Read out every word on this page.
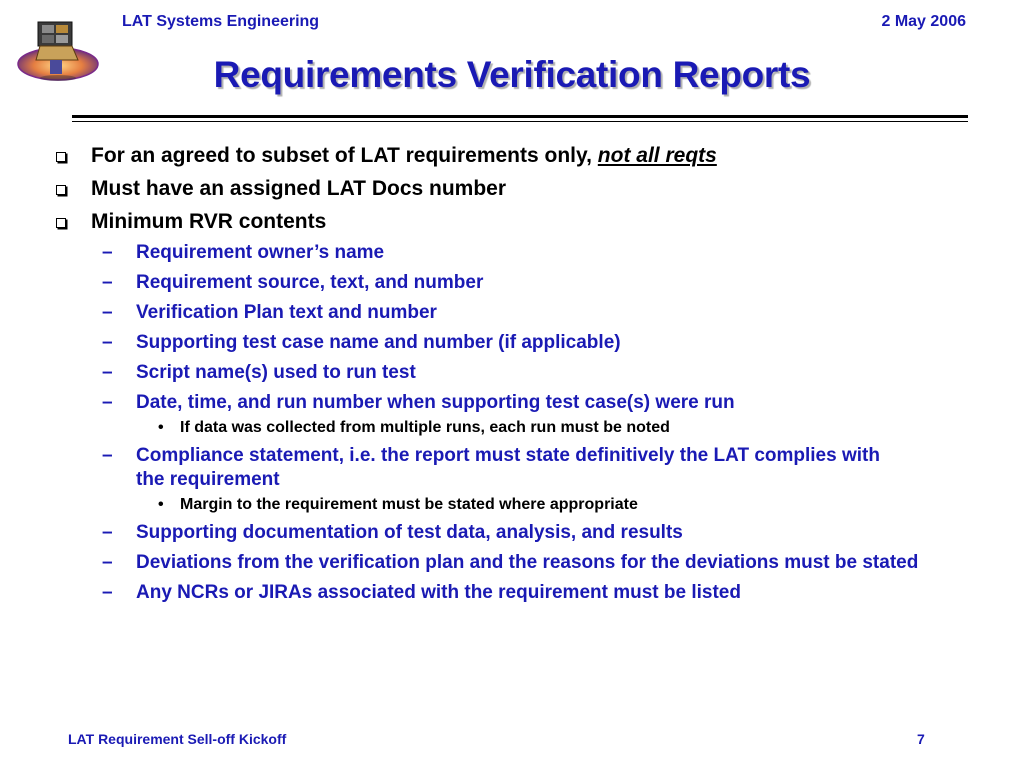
LAT Systems Engineering	2 May 2006
Requirements Verification Reports
For an agreed to subset of LAT requirements only, not all reqts
Must have an assigned LAT Docs number
Minimum RVR contents
– Requirement owner’s name
– Requirement source, text, and number
– Verification Plan text and number
– Supporting test case name and number (if applicable)
– Script name(s) used to run test
– Date, time, and run number when supporting test case(s) were run
• If data was collected from multiple runs, each run must be noted
– Compliance statement, i.e. the report must state definitively the LAT complies with the requirement
• Margin to the requirement must be stated where appropriate
– Supporting documentation of test data, analysis, and results
– Deviations from the verification plan and the reasons for the deviations must be stated
– Any NCRs or JIRAs associated with the requirement must be listed
LAT Requirement Sell-off Kickoff	7
